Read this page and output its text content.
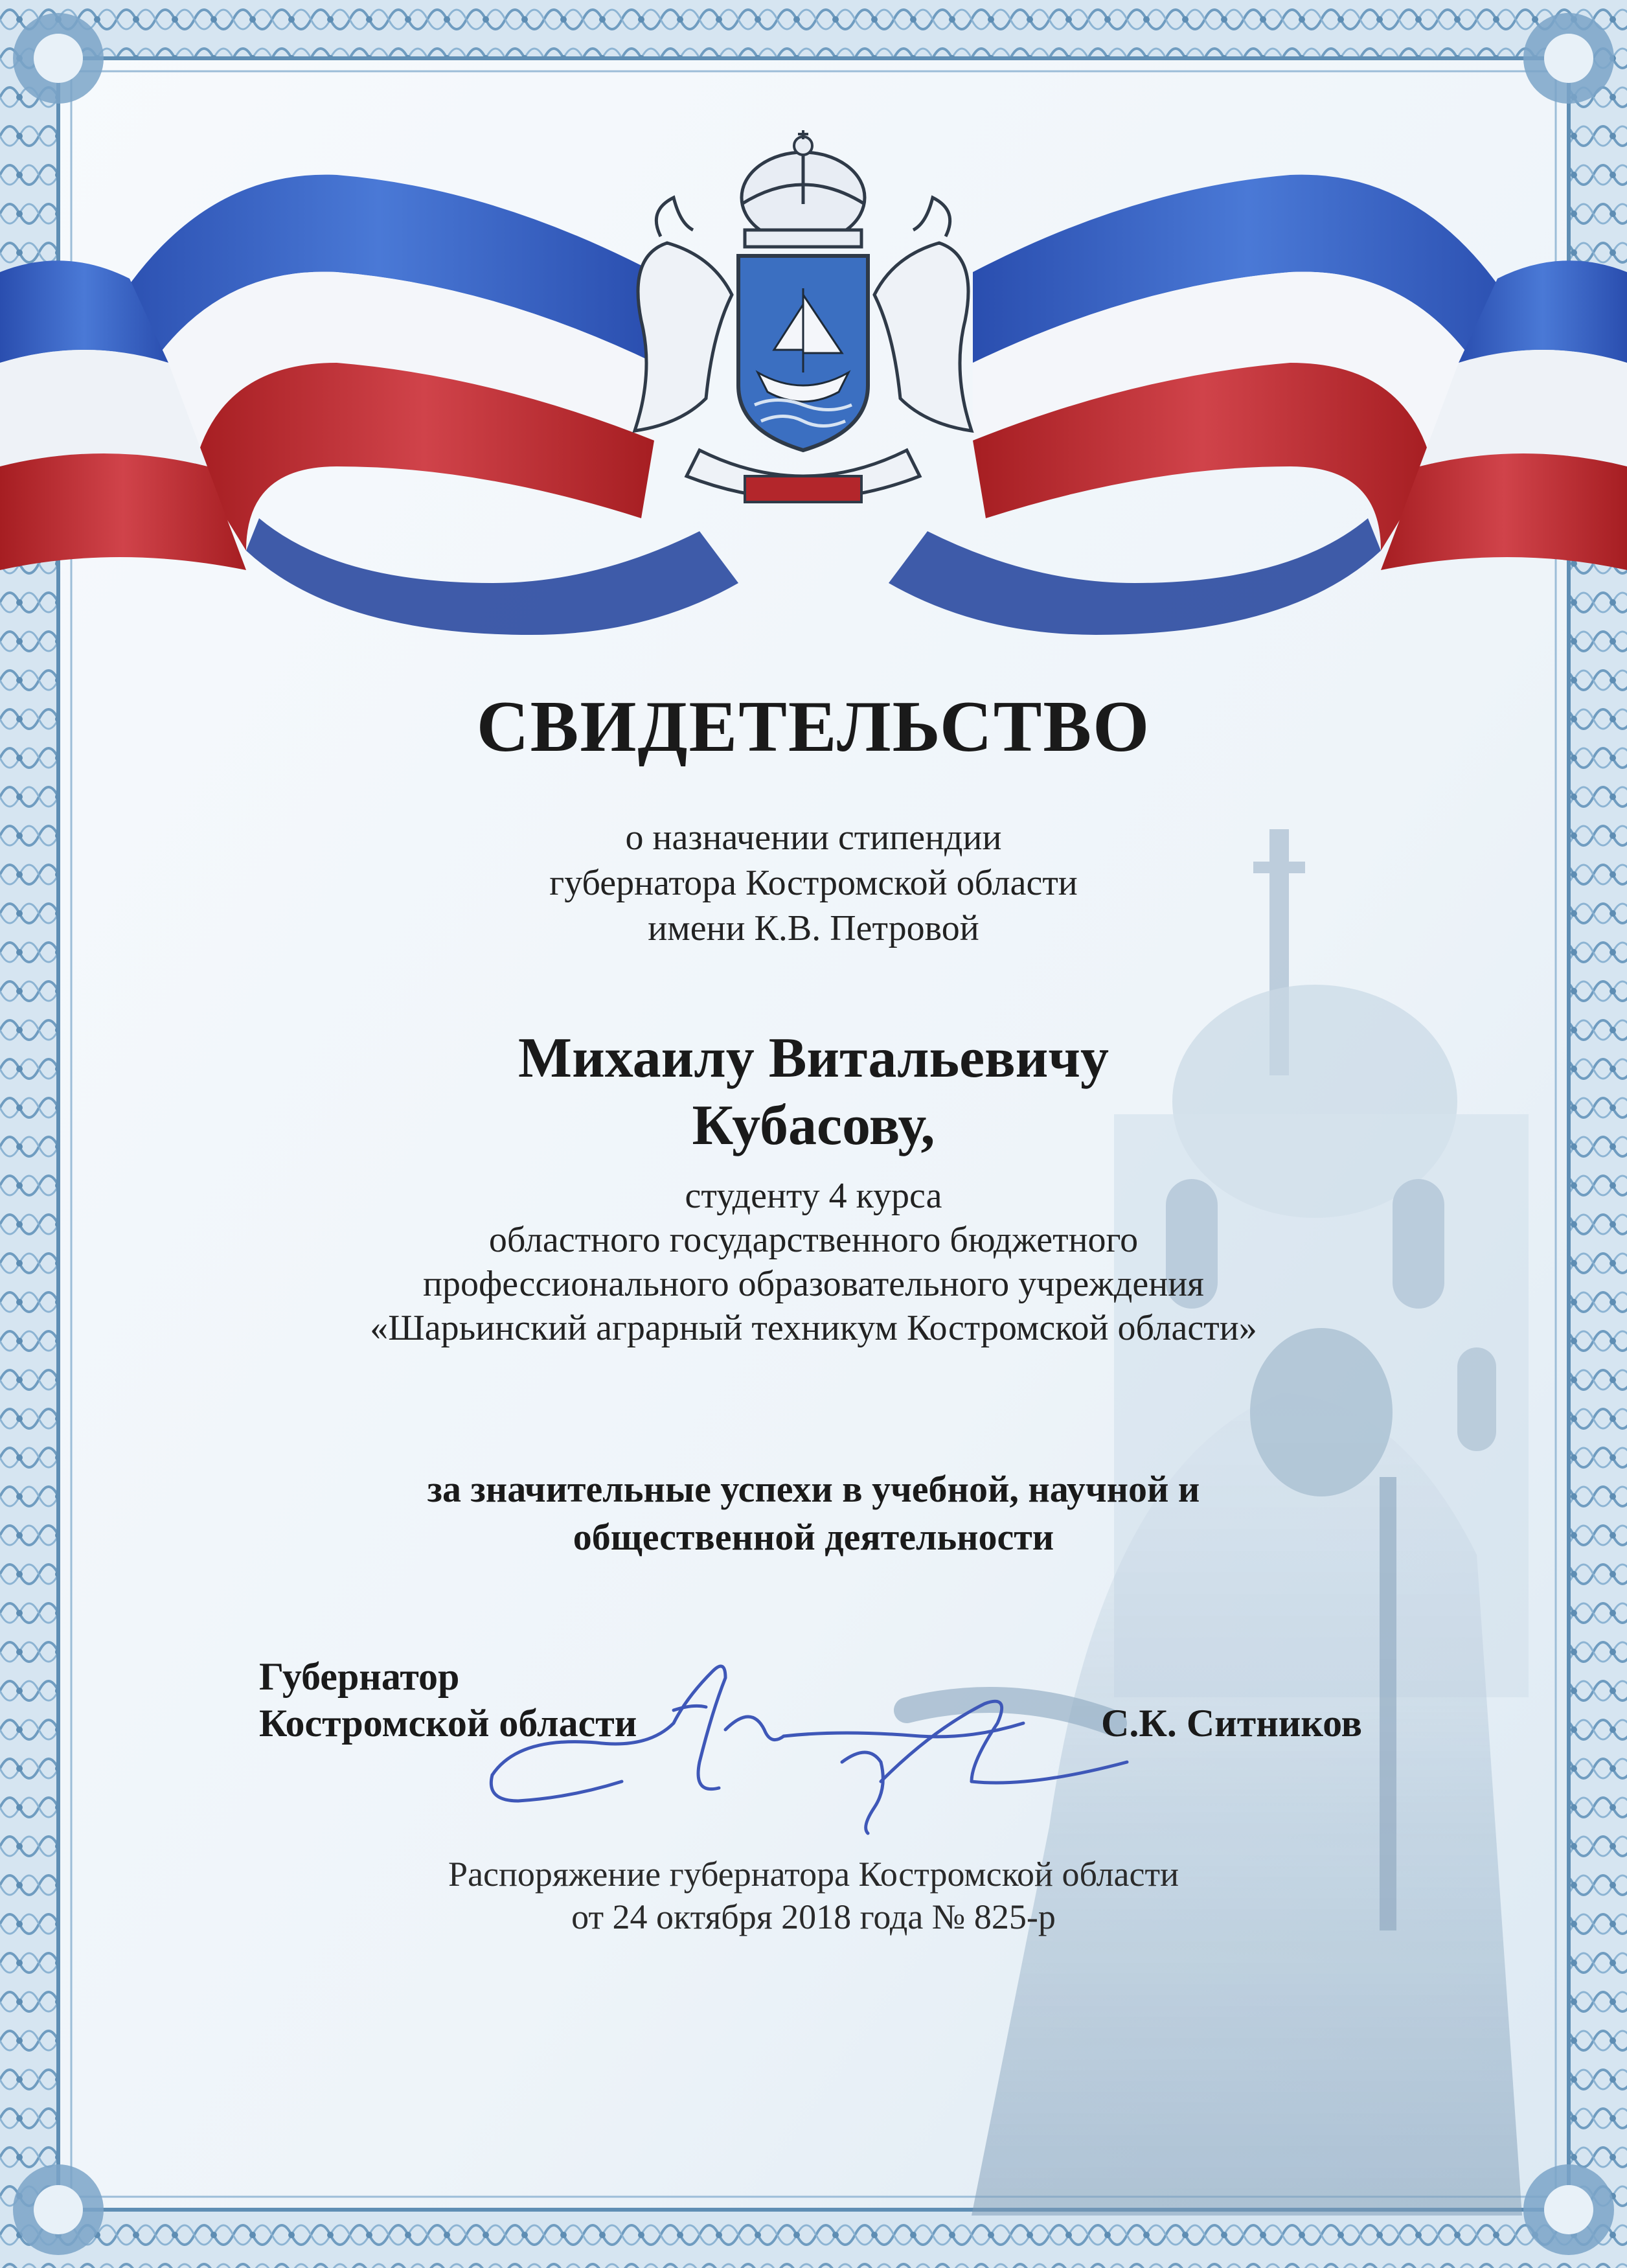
СВИДЕТЕЛЬСТВО
о назначении стипендии
губернатора Костромской области
имени К.В. Петровой
Михаилу Витальевичу
Кубасову,
студенту 4 курса
областного государственного бюджетного
профессионального образовательного учреждения
«Шарьинский аграрный техникум Костромской области»
за значительные успехи в учебной, научной и
общественной деятельности
Губернатор
Костромской области	С.К. Ситников
Распоряжение губернатора Костромской области
от 24 октября 2018 года № 825-р
